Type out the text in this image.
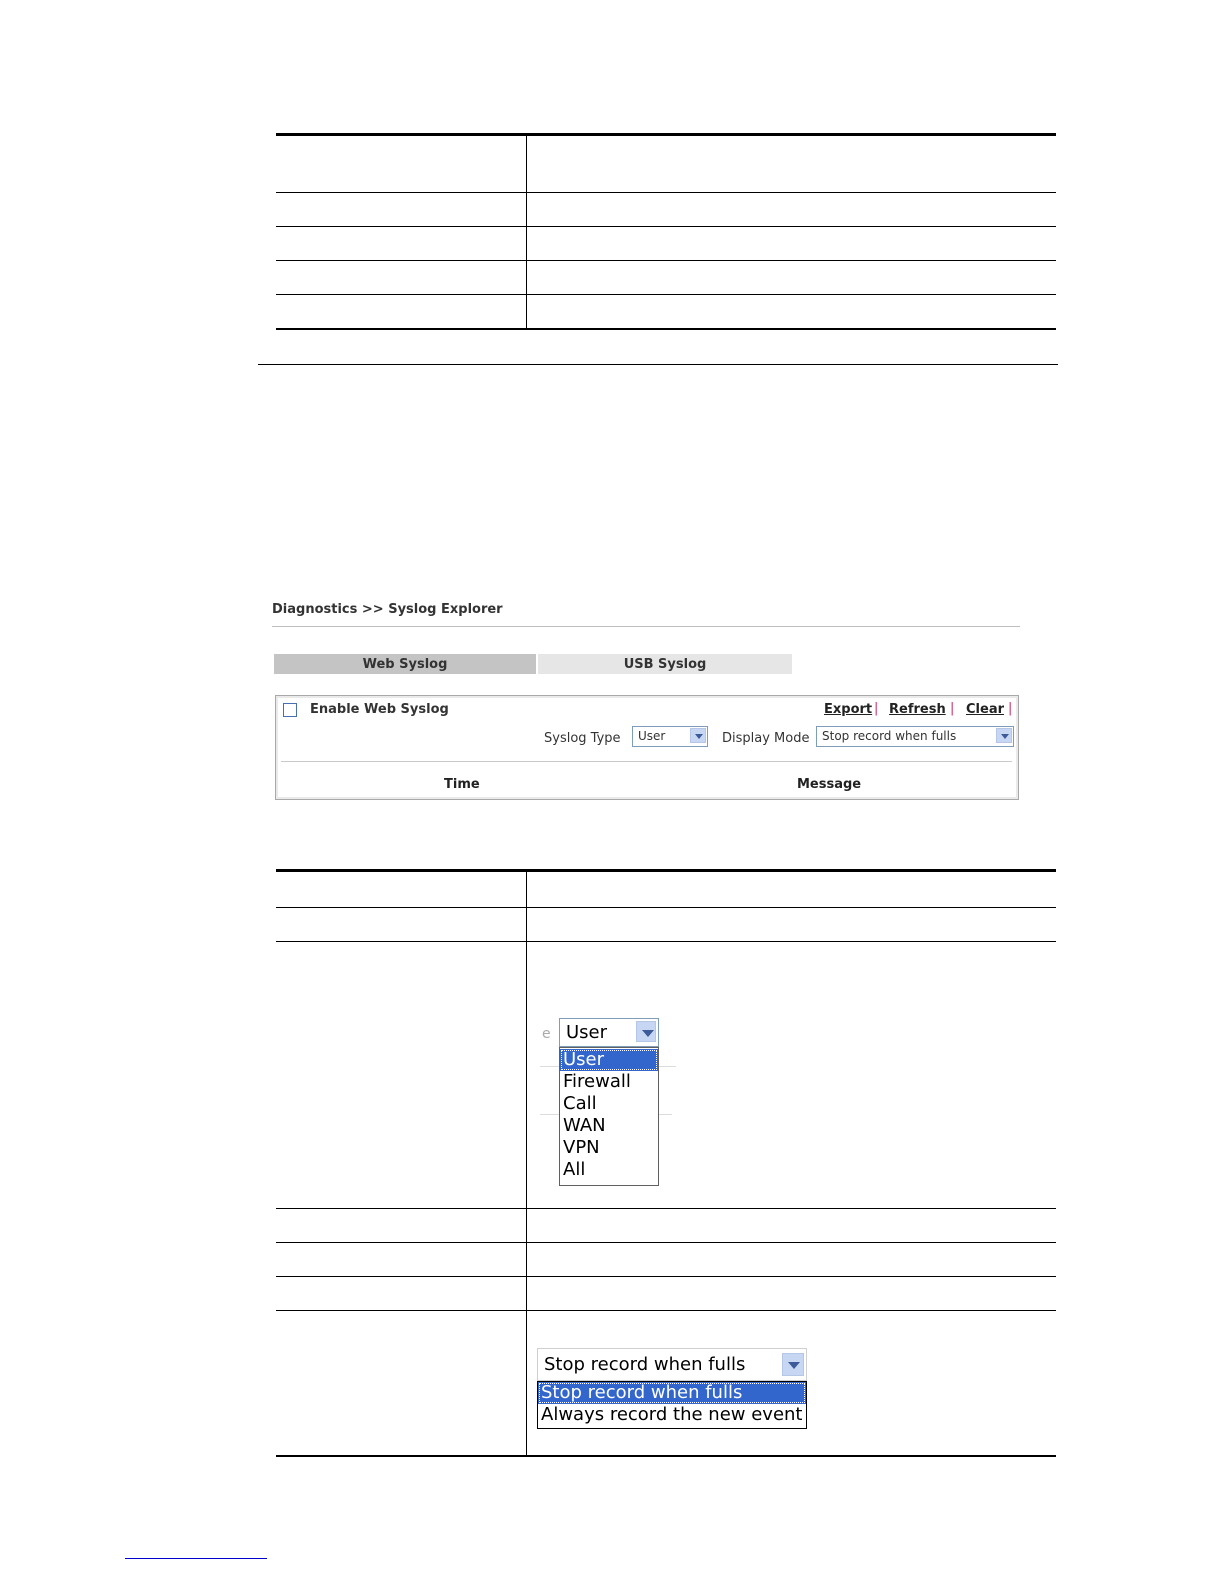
Diagnostics >> Syslog Explorer
Web Syslog	USB Syslog
Enable Web Syslog	Export | Refresh | Clear |
Syslog Type User	Display Mode Stop record when fulls
Time	Message
e User
User
Firewall
Call
WAN
VPN
All
Stop record when fulls
Stop record when fulls
Always record the new event
